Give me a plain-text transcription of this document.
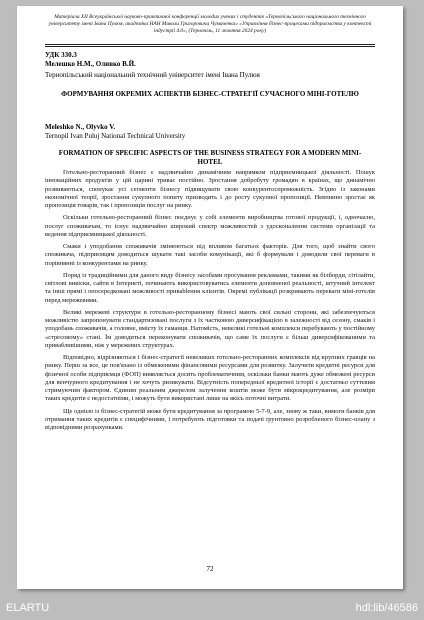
Матеріали XII Всеукраїнської науково-практичної конференції молодих учених і студентів «Тернопільського національного технічного університету імені Івана Пулюя, академіка НАН Миколи Григоровича Чумаченка» «Управління бізнес-процесами підприємства у контексті індустрії 4.0», (Тернопіль, 11 жовтня 2024 року)
УДК 330.3
Мелешко Н.М., Оливко В.Й.
Тернопільський національний технічний університет імені Івана Пулюя
ФОРМУВАННЯ ОКРЕМИХ АСПЕКТІВ БІЗНЕС-СТРАТЕГІЇ СУЧАСНОГО МІНІ-ГОТЕЛЮ
Meleshko N., Olyvko V.
Ternopil Ivan Puluj National Technical University
FORMATION OF SPECIFIC ASPECTS OF THE BUSINESS STRATEGY FOR A MODERN MINI-HOTEL

Готельно-ресторанний бізнес є надзвичайно динамічним напрямком підприємницької діяльності. Пошук інноваційних продуктів у цій царині триває постійно. Зростання добробуту громадян в країнах, що динамічно розвиваються, спонукає усі сегменти бізнесу підвищувати свою конкурентоспроможність. Згідно із законами економічної теорії, зростання сукупного попиту призводить і до росту сукупної пропозиції. Невпинно зростає як пропозиція товарів, так і пропозиція послуг на ринку.

Оскільки готельно-ресторанний бізнес поєднує у собі елементи виробництва готової продукції, і, одночасно, послуг споживачам, то існує надзвичайно широкий спектр можливостей з удосконалення системи організації та ведення підприємницької діяльності.

Смаки і уподобання споживачів змінюються під впливом багатьох факторів. Для того, щоб знайти свого споживача, підприємцям доводиться шукати такі засоби комунікації, які б формували і доводили свої переваги в порівнянні із конкурентами на ринку.

Поряд із традиційними для даного виду бізнесу засобами просування рекламами, такими як білборди, сітілайти, світлові вивіски, сайти в Інтернеті, починають використовуватись елементи доповненої реальності, штучний інтелект та інші прямі і опосередковані можливості привablення клієнтів. Окремі публікації розкривають переваги міні-готелів перед мережевими.

Великі мережеві структури в готельно-ресторанному бізнесі мають свої сильні сторони, які забезпечуються можливістю запропонувати стандартизовані послуги з їх частковою диверсифікацією в залежності від сезону, смаків і уподобань споживачів, а головне, вмісту їх гаманця. Натомість, невеликі готельні комплекси перебувають у постійному «стресовому» стані. Їм доводиться переконувати споживачів, що саме їх послуги є більш диверсифікованими та привабливішими, ніж у мережевих структурах.

Відповідно, відрізняються і бізнес-стратегії невеликих готельно-ресторанних комплексів від крупних гравців на ринку. Перш за все, це пов'язано із обмеженими фінансовими ресурсами для розвитку. Залучити кредитні ресурси для фізичної особи підприємця (ФОП) виявляється досить проблематичним, оскільки банки мають дуже обмежені ресурси для венчурного кредитування і не хочуть ризикувати. Відсутність попередньої кредитної історії є достатньо суттєвим стримуючим фактором. Єдиним реальним джерелом залучення коштів може бути мікрокредитування, але розміри таких кредитів є недостатніми, і можуть бути використані лише на якісь поточні витрати.

Ще однією із бізнес-стратегій може бути кредитування за програмою 5-7-9, але, знову ж таки, вимоги банків для отримання таких кредитів є специфічними, і потребують підготовки та подачі ґрунтовно розробленого бізнес-плану з відповідними розрахунками.

72
ELARTU	hdl:lib/46586
